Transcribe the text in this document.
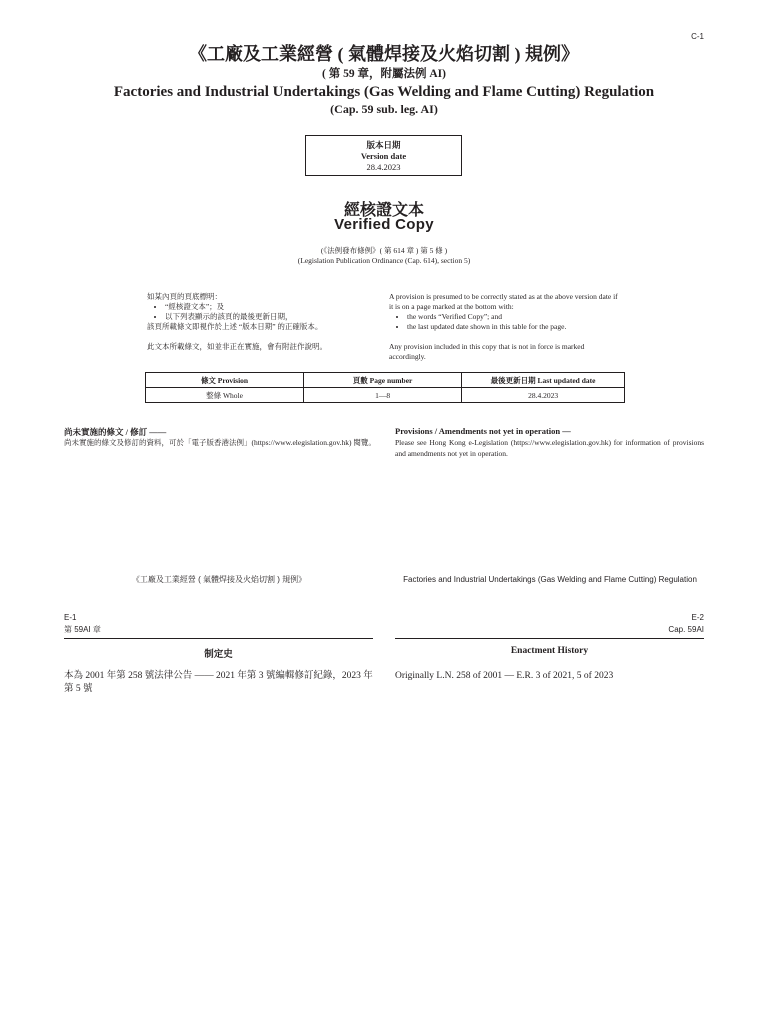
C-1
《工廠及工業經營 ( 氣體焊接及火焰切割 ) 規例》
( 第 59 章，附屬法例 AI)
Factories and Industrial Undertakings (Gas Welding and Flame Cutting) Regulation
(Cap. 59 sub. leg. AI)
版本日期
Version date
28.4.2023
經核證文本
Verified Copy
(《法例發布條例》( 第 614 章 ) 第 5 條 )
(Legislation Publication Ordinance (Cap. 614), section 5)

如某內頁的頁底標明：

• “經核證文本”；及
• 以下列表顯示的該頁的最後更新日期，

該頁所載條文即視作於上述 “版本日期” 的正確版本。

此文本所載條文，如並非正在實施，會有附註作說明。

A provision is presumed to be correctly stated as at the above version date if it is on a page marked at the bottom with:

• the words “Verified Copy”; and
• the last updated date shown in this table for the page.

Any provision included in this copy that is not in force is marked accordingly.

條文 Provision	頁數 Page number	最後更新日期 Last updated date
整條 Whole	1—8	28.4.2023
尚未實施的條文 / 修訂 ——
尚未實施的條文及修訂的資料，可於「電子版香港法例」(https://www.elegislation.gov.hk) 閱覽。
Provisions / Amendments not yet in operation —
Please see Hong Kong e-Legislation (https://www.elegislation.gov.hk) for information of provisions and amendments not yet in operation.
《工廠及工業經營 ( 氣體焊接及火焰切割 ) 規例》	Factories and Industrial Undertakings (Gas Welding and Flame Cutting) Regulation
E-1
第 59AI 章
E-2
Cap. 59AI
制定史	Enactment History
本為 2001 年第 258 號法律公告 —— 2021 年第 3 號編輯修訂紀錄，2023 年第 5 號
Originally L.N. 258 of 2001 — E.R. 3 of 2021, 5 of 2023
